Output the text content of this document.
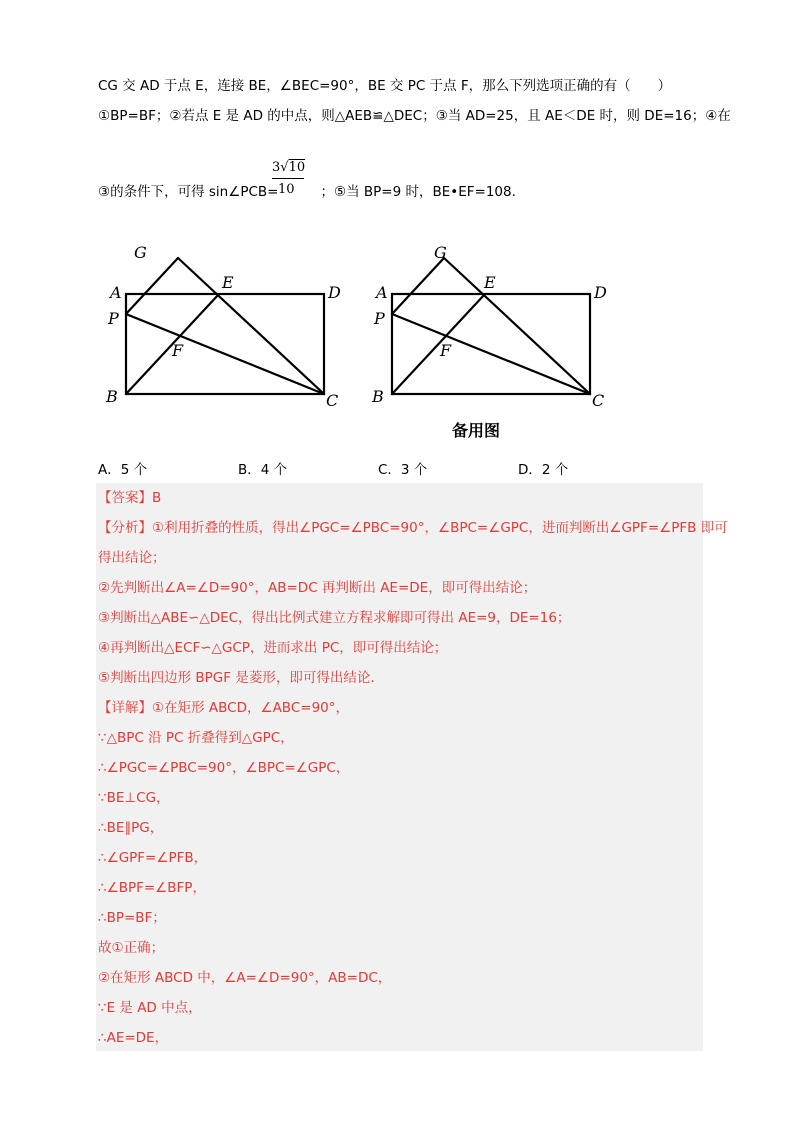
CG 交 AD 于点 E，连接 BE，∠BEC=90°，BE 交 PC 于点 F，那么下列选项正确的有（　　）
①BP=BF；②若点 E 是 AD 的中点，则△AEB≌△DEC；③当 AD=25，且 AE＜DE 时，则 DE=16；④在
③的条件下，可得 sin∠PCB=	；⑤当 BP=9 时，BE•EF=108.
3√10
10
G
A
E
D
P
F
B	C
G
A
E
D
P
F
B	C
备用图
A．5 个	B．4 个	C．3 个	D．2 个
【答案】B
【分析】①利用折叠的性质，得出∠PGC=∠PBC=90°，∠BPC=∠GPC，进而判断出∠GPF=∠PFB 即可
得出结论；
②先判断出∠A=∠D=90°，AB=DC 再判断出 AE=DE，即可得出结论；
③判断出△ABE∽△DEC，得出比例式建立方程求解即可得出 AE=9，DE=16；
④再判断出△ECF∽△GCP，进而求出 PC，即可得出结论；
⑤判断出四边形 BPGF 是菱形，即可得出结论．
【详解】①在矩形 ABCD，∠ABC=90°，
∵△BPC 沿 PC 折叠得到△GPC，
∴∠PGC=∠PBC=90°，∠BPC=∠GPC，
∵BE⊥CG，
∴BE∥PG，
∴∠GPF=∠PFB，
∴∠BPF=∠BFP，
∴BP=BF；
故①正确；
②在矩形 ABCD 中，∠A=∠D=90°，AB=DC，
∵E 是 AD 中点，
∴AE=DE，
